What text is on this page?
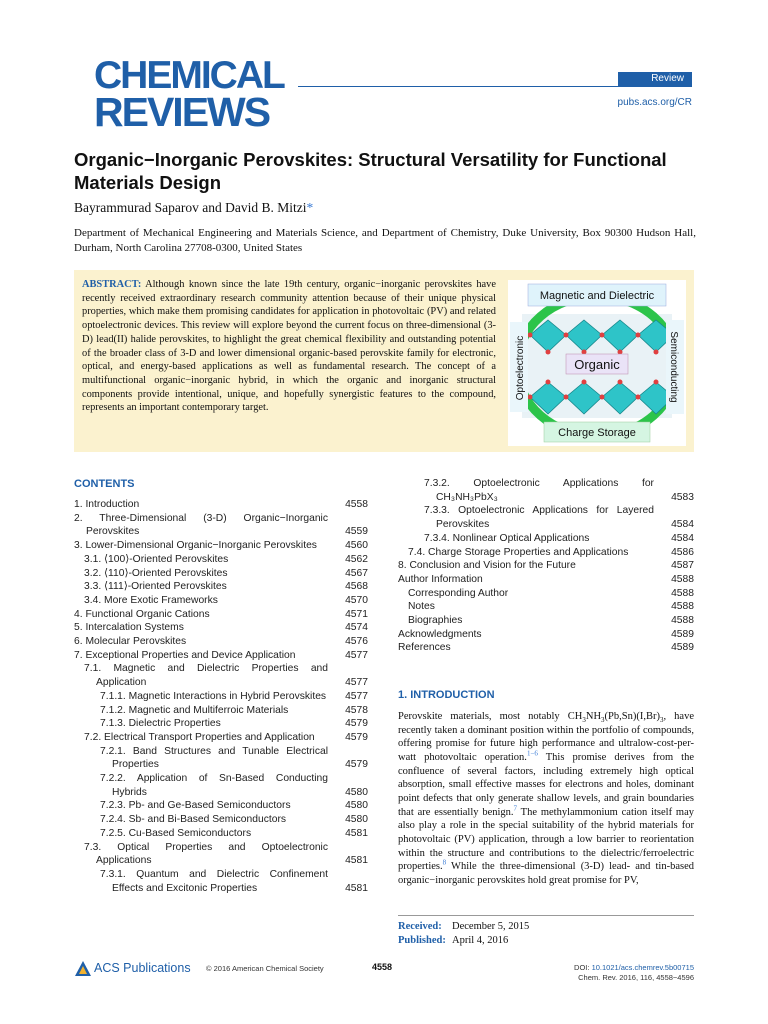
CHEMICAL
REVIEWS
Review
pubs.acs.org/CR
Organic−Inorganic Perovskites: Structural Versatility for Functional Materials Design
Bayrammurad Saparov and David B. Mitzi*
Department of Mechanical Engineering and Materials Science, and Department of Chemistry, Duke University, Box 90300 Hudson Hall, Durham, North Carolina 27708-0300, United States
ABSTRACT: Although known since the late 19th century, organic−inorganic perovskites have recently received extraordinary research community attention because of their unique physical properties, which make them promising candidates for application in photovoltaic (PV) and related optoelectronic devices. This review will explore beyond the current focus on three-dimensional (3-D) lead(II) halide perovskites, to highlight the great chemical flexibility and outstanding potential of the broader class of 3-D and lower dimensional organic-based perovskite family for electronic, optical, and energy-based applications as well as fundamental research. The concept of a multifunctional organic−inorganic hybrid, in which the organic and inorganic structural components provide intentional, unique, and hopefully synergistic features to the compound, represents an important contemporary target.
Magnetic and Dielectric
Charge Storage
Optoelectronic	Semiconducting
Organic
CONTENTS
1. Introduction	4558
2. Three-Dimensional (3-D) Organic−Inorganic Perovskites	4559
3. Lower-Dimensional Organic−Inorganic Perovskites	4560
3.1. ⟨100⟩-Oriented Perovskites	4562
3.2. ⟨110⟩-Oriented Perovskites	4567
3.3. ⟨111⟩-Oriented Perovskites	4568
3.4. More Exotic Frameworks	4570
4. Functional Organic Cations	4571
5. Intercalation Systems	4574
6. Molecular Perovskites	4576
7. Exceptional Properties and Device Application	4577
7.1. Magnetic and Dielectric Properties and Application	4577
7.1.1. Magnetic Interactions in Hybrid Perovskites 4577
7.1.2. Magnetic and Multiferroic Materials	4578
7.1.3. Dielectric Properties	4579
7.2. Electrical Transport Properties and Application	4579
7.2.1. Band Structures and Tunable Electrical Properties	4579
7.2.2. Application of Sn-Based Conducting Hybrids	4580
7.2.3. Pb- and Ge-Based Semiconductors	4580
7.2.4. Sb- and Bi-Based Semiconductors	4580
7.2.5. Cu-Based Semiconductors	4581
7.3. Optical Properties and Optoelectronic Applications	4581
7.3.1. Quantum and Dielectric Confinement Effects and Excitonic Properties	4581
7.3.2. Optoelectronic Applications for CH₃NH₃PbX₃	4583
7.3.3. Optoelectronic Applications for Layered Perovskites	4584
7.3.4. Nonlinear Optical Applications	4584
7.4. Charge Storage Properties and Applications	4586
8. Conclusion and Vision for the Future	4587
Author Information	4588
Corresponding Author	4588
Notes	4588
Biographies	4588
Acknowledgments	4589
References	4589
1. INTRODUCTION
Perovskite materials, most notably $CH_3NH_3(Pb,Sn)(I,Br)_3$, have recently taken a dominant position within the portfolio of compounds, offering promise for future high performance and ultralow-cost-per-watt photovoltaic operation.$^{1-6}$ This promise derives from the confluence of several factors, including extremely high optical absorption, small effective masses for electrons and holes, dominant point defects that only generate shallow levels, and grain boundaries that are essentially benign.$^7$ The methylammonium cation itself may also play a role in the special suitability of the hybrid materials for photovoltaic (PV) application, through a low barrier to reorientation within the structure and contributions to the dielectric/ferroelectric properties.$^8$ While the three-dimensional (3-D) lead- and tin-based organic−inorganic perovskites hold great promise for PV,
Received: December 5, 2015
Published: April 4, 2016
ACS Publications © 2016 American Chemical Society	4558	DOI: 10.1021/acs.chemrev.5b00715
Chem. Rev. 2016, 116, 4558−4596
